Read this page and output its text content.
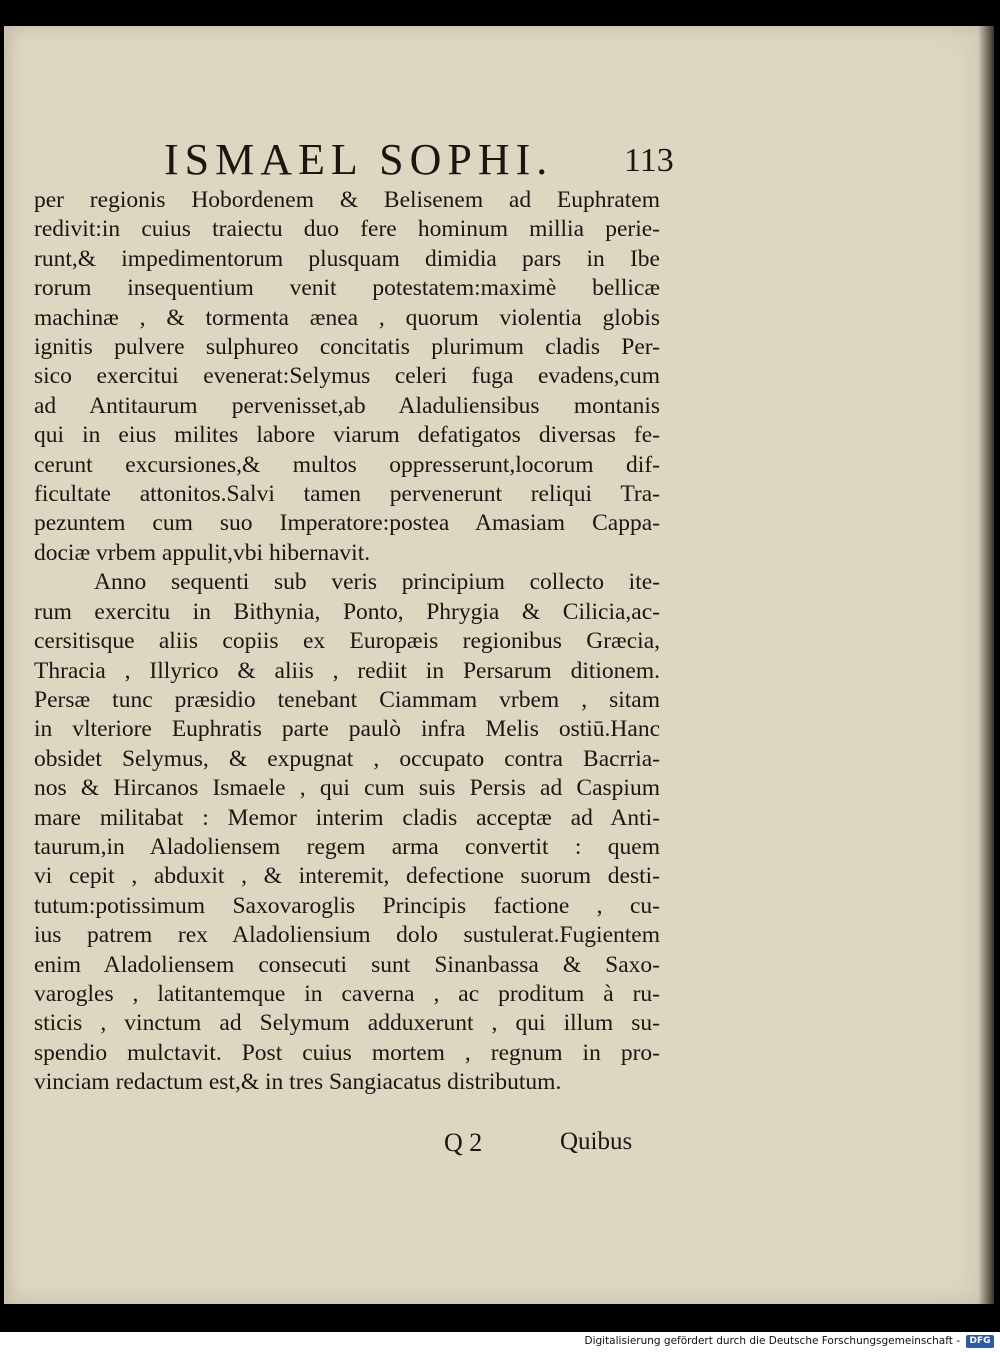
ISMAEL SOPHI. 113
per regionis Hobordenem & Belisenem ad Euphratem
redivit:in cuius traiectu duo fere hominum millia perie-
runt,& impedimentorum plusquam dimidia pars in Ibe
rorum insequentium venit potestatem:maximè bellicæ
machinæ , & tormenta ænea , quorum violentia globis
ignitis pulvere sulphureo concitatis plurimum cladis Per-
sico exercitui evenerat:Selymus celeri fuga evadens,cum
ad Antitaurum pervenisset,ab Aladuliensibus montanis
qui in eius milites labore viarum defatigatos diversas fe-
cerunt excursiones,& multos oppresserunt,locorum dif-
ficultate attonitos.Salvi tamen pervenerunt reliqui Tra-
pezuntem cum suo Imperatore:postea Amasiam Cappa-
dociæ vrbem appulit,vbi hibernavit.
Anno sequenti sub veris principium collecto ite-
rum exercitu in Bithynia, Ponto, Phrygia & Cilicia,ac-
cersitisque aliis copiis ex Europæis regionibus Græcia,
Thracia , Illyrico & aliis , rediit in Persarum ditionem.
Persæ tunc præsidio tenebant Ciammam vrbem , sitam
in vlteriore Euphratis parte paulò infra Melis ostiū.Hanc
obsidet Selymus, & expugnat , occupato contra Bacrria-
nos & Hircanos Ismaele , qui cum suis Persis ad Caspium
mare militabat : Memor interim cladis acceptæ ad Anti-
taurum,in Aladoliensem regem arma convertit : quem
vi cepit , abduxit , & interemit, defectione suorum desti-
tutum:potissimum Saxovaroglis Principis factione , cu-
ius patrem rex Aladoliensium dolo sustulerat.Fugientem
enim Aladoliensem consecuti sunt Sinanbassa & Saxo-
varogles , latitantemque in caverna , ac proditum à ru-
sticis , vinctum ad Selymum adduxerunt , qui illum su-
spendio mulctavit. Post cuius mortem , regnum in pro-
vinciam redactum est,& in tres Sangiacatus distributum.
Q 2	Quibus
Digitalisierung gefördert durch die Deutsche Forschungsgemeinschaft -	DFG
